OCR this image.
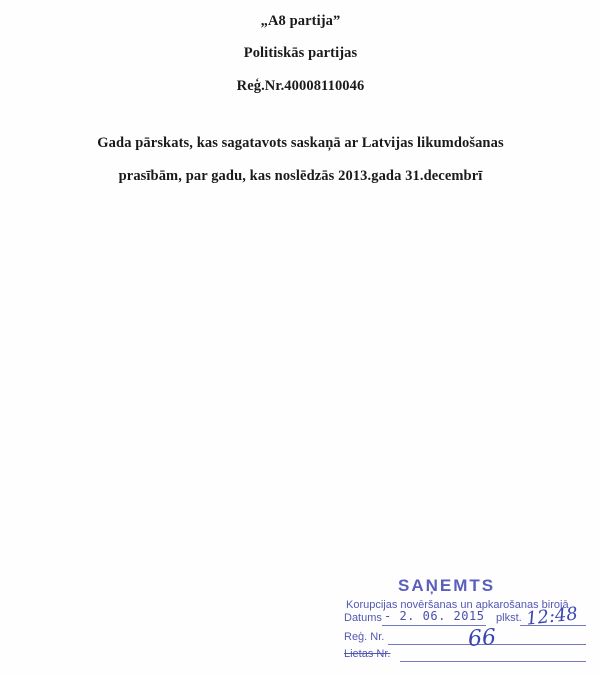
„A8 partija”
Politiskās partijas
Reģ.Nr.40008110046
Gada pārskats, kas sagatavots saskaņā ar Latvijas likumdošanas
prasībām, par gadu, kas noslēdzās 2013.gada 31.decembrī
SAŅEMTS
Korupcijas novēršanas un apkarošanas birojā
Datums	plkst.
- 2. 06. 2015 12:48
Reģ. Nr.	66
Lietas Nr.
